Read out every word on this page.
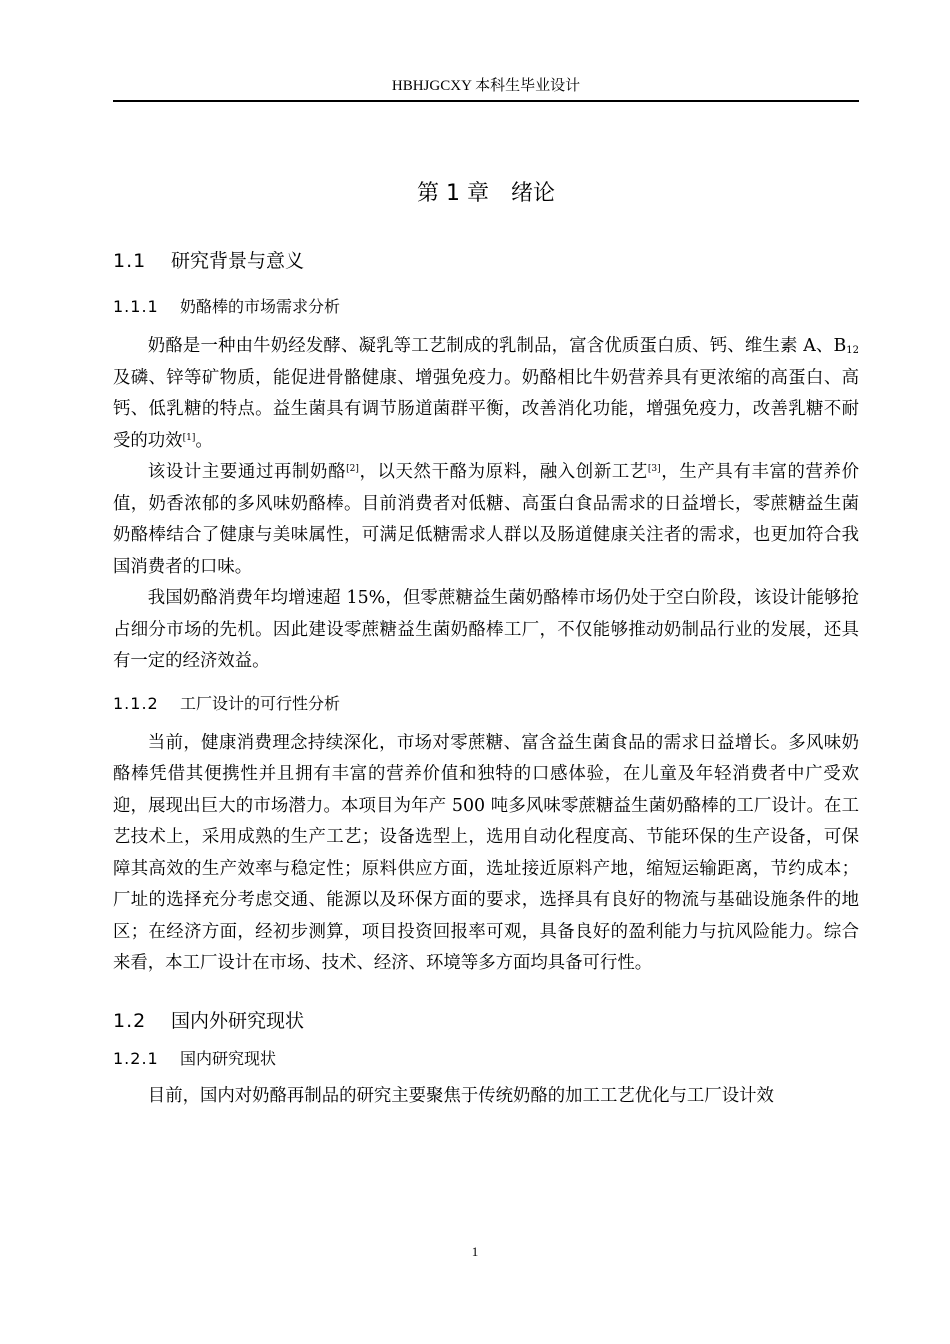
HBHJGCXY 本科生毕业设计
第 1 章 绪论
1.1 研究背景与意义
1.1.1 奶酪棒的市场需求分析

奶酪是一种由牛奶经发酵、凝乳等工艺制成的乳制品，富含优质蛋白质、钙、维生素 A、$B_{12}$及磷、锌等矿物质，能促进骨骼健康、增强免疫力。奶酪相比牛奶营养具有更浓缩的高蛋白、高钙、低乳糖的特点。益生菌具有调节肠道菌群平衡，改善消化功能，增强免疫力，改善乳糖不耐受的功效[1]。

该设计主要通过再制奶酪[2]，以天然干酪为原料，融入创新工艺[3]，生产具有丰富的营养价值，奶香浓郁的多风味奶酪棒。目前消费者对低糖、高蛋白食品需求的日益增长，零蔗糖益生菌奶酪棒结合了健康与美味属性，可满足低糖需求人群以及肠道健康关注者的需求，也更加符合我国消费者的口味。

我国奶酪消费年均增速超 15%，但零蔗糖益生菌奶酪棒市场仍处于空白阶段，该设计能够抢占细分市场的先机。因此建设零蔗糖益生菌奶酪棒工厂，不仅能够推动奶制品行业的发展，还具有一定的经济效益。

1.1.2 工厂设计的可行性分析

当前，健康消费理念持续深化，市场对零蔗糖、富含益生菌食品的需求日益增长。多风味奶酪棒凭借其便携性并且拥有丰富的营养价值和独特的口感体验，在儿童及年轻消费者中广受欢迎，展现出巨大的市场潜力。本项目为年产 500 吨多风味零蔗糖益生菌奶酪棒的工厂设计。在工艺技术上，采用成熟的生产工艺；设备选型上，选用自动化程度高、节能环保的生产设备，可保障其高效的生产效率与稳定性；原料供应方面，选址接近原料产地，缩短运输距离，节约成本；厂址的选择充分考虑交通、能源以及环保方面的要求，选择具有良好的物流与基础设施条件的地区；在经济方面，经初步测算，项目投资回报率可观，具备良好的盈利能力与抗风险能力。综合来看，本工厂设计在市场、技术、经济、环境等多方面均具备可行性。

1.2 国内外研究现状
1.2.1 国内研究现状

目前，国内对奶酪再制品的研究主要聚焦于传统奶酪的加工工艺优化与工厂设计效

1
